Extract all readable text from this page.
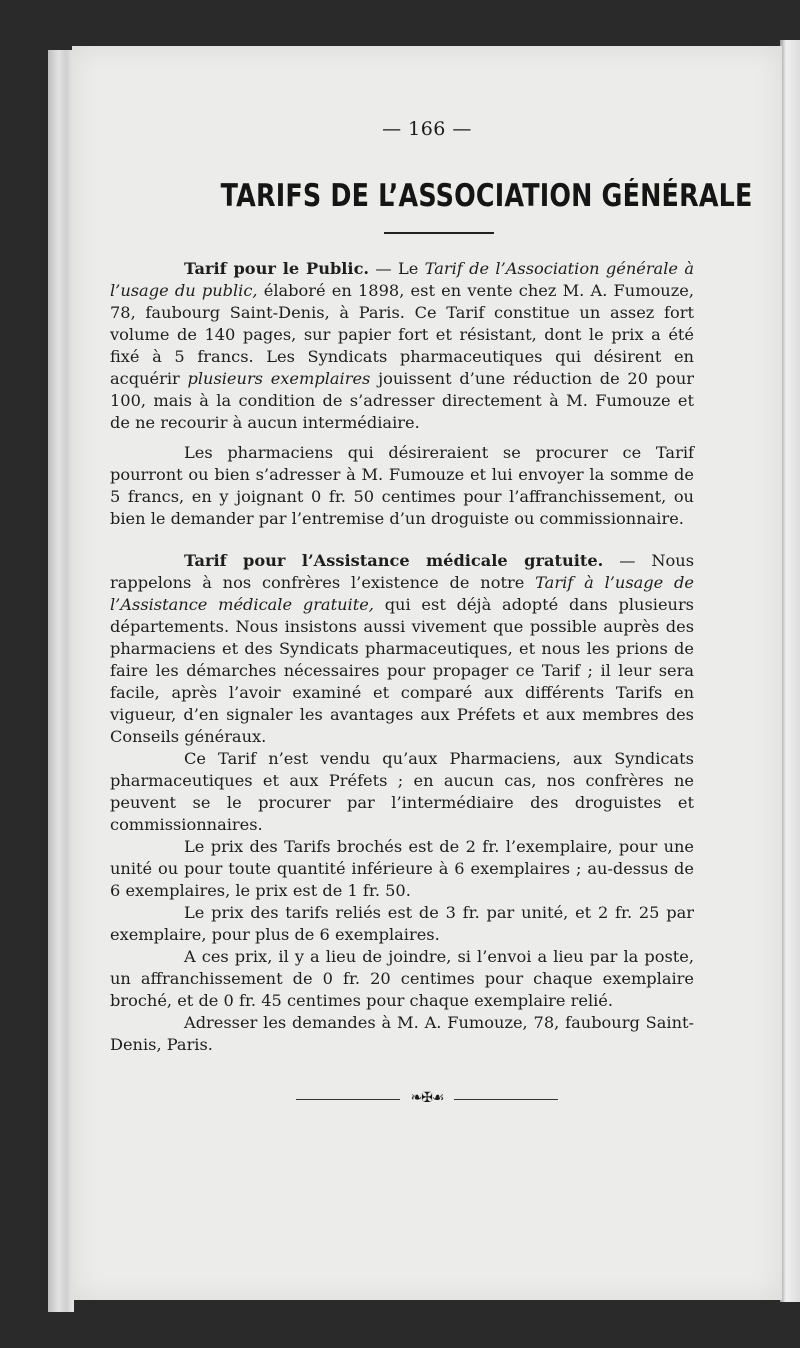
— 166 —
TARIFS DE L’ASSOCIATION GÉNÉRALE

Tarif pour le Public. — Le Tarif de l’Association générale à l’usage du public, élaboré en 1898, est en vente chez M. A. Fumouze, 78, faubourg Saint-Denis, à Paris. Ce Tarif constitue un assez fort volume de 140 pages, sur papier fort et résistant, dont le prix a été fixé à 5 francs. Les Syndicats pharmaceutiques qui désirent en acquérir plusieurs exemplaires jouissent d’une réduction de 20 pour 100, mais à la condition de s’adresser directement à M. Fumouze et de ne recourir à aucun intermédiaire.

Les pharmaciens qui désireraient se procurer ce Tarif pourront ou bien s’adresser à M. Fumouze et lui envoyer la somme de 5 francs, en y joignant 0 fr. 50 centimes pour l’affranchissement, ou bien le demander par l’entremise d’un droguiste ou commissionnaire.

Tarif pour l’Assistance médicale gratuite. — Nous rappelons à nos confrères l’existence de notre Tarif à l’usage de l’Assistance médicale gratuite, qui est déjà adopté dans plusieurs départements. Nous insistons aussi vivement que possible auprès des pharmaciens et des Syndicats pharmaceutiques, et nous les prions de faire les démarches nécessaires pour propager ce Tarif ; il leur sera facile, après l’avoir examiné et comparé aux différents Tarifs en vigueur, d’en signaler les avantages aux Préfets et aux membres des Conseils généraux.

Ce Tarif n’est vendu qu’aux Pharmaciens, aux Syndicats pharmaceutiques et aux Préfets ; en aucun cas, nos confrères ne peuvent se le procurer par l’intermédiaire des droguistes et commissionnaires.

Le prix des Tarifs brochés est de 2 fr. l’exemplaire, pour une unité ou pour toute quantité inférieure à 6 exemplaires ; au-dessus de 6 exemplaires, le prix est de 1 fr. 50.

Le prix des tarifs reliés est de 3 fr. par unité, et 2 fr. 25 par exemplaire, pour plus de 6 exemplaires.

A ces prix, il y a lieu de joindre, si l’envoi a lieu par la poste, un affranchissement de 0 fr. 20 centimes pour chaque exemplaire broché, et de 0 fr. 45 centimes pour chaque exemplaire relié.

Adresser les demandes à M. A. Fumouze, 78, faubourg Saint-Denis, Paris.

❧✠☙
